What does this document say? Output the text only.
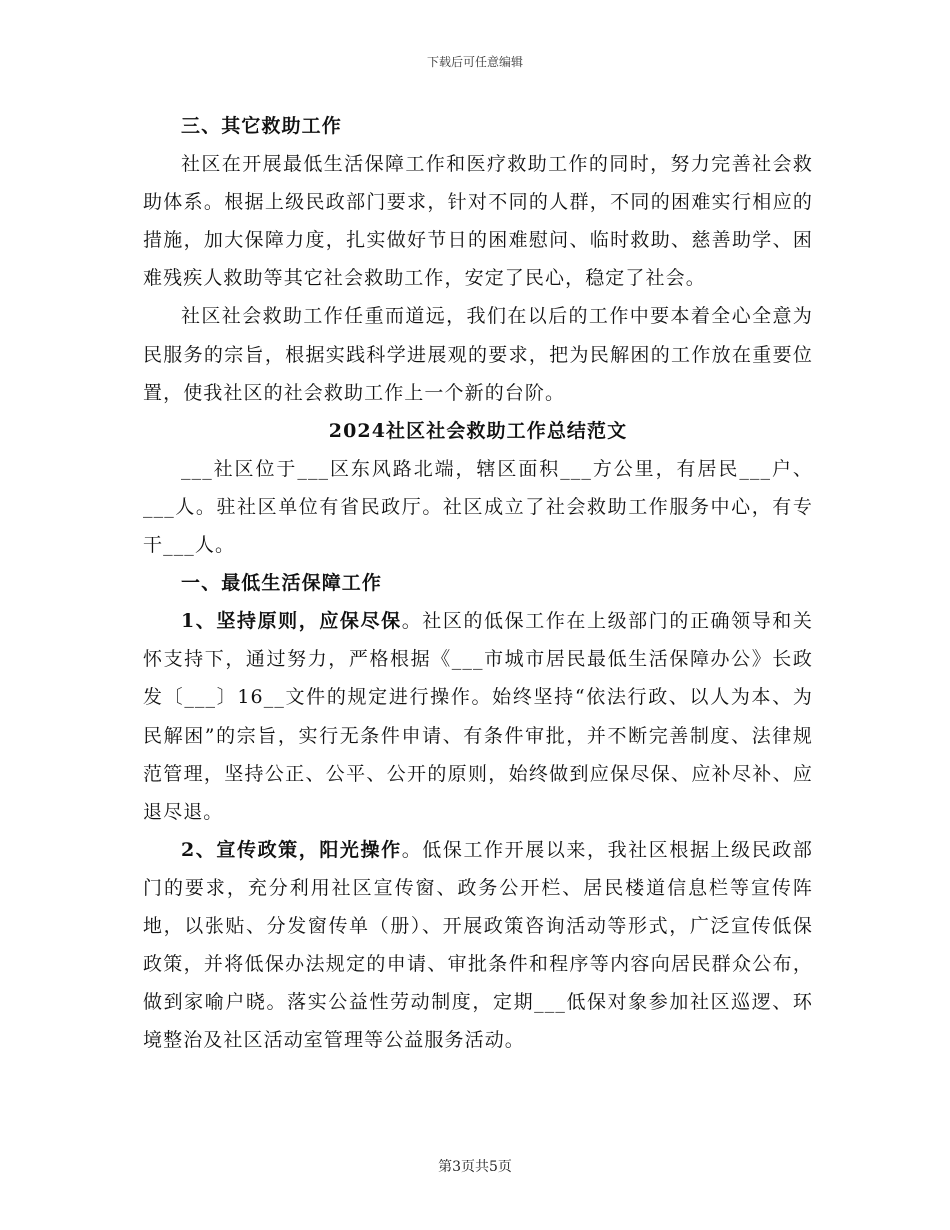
下载后可任意编辑

三、其它救助工作

社区在开展最低生活保障工作和医疗救助工作的同时，努力完善社会救助体系。根据上级民政部门要求，针对不同的人群，不同的困难实行相应的措施，加大保障力度，扎实做好节日的困难慰问、临时救助、慈善助学、困难残疾人救助等其它社会救助工作，安定了民心，稳定了社会。

社区社会救助工作任重而道远，我们在以后的工作中要本着全心全意为民服务的宗旨，根据实践科学进展观的要求，把为民解困的工作放在重要位置，使我社区的社会救助工作上一个新的台阶。

2024社区社会救助工作总结范文

___社区位于___区东风路北端，辖区面积___方公里，有居民___户、___人。驻社区单位有省民政厅。社区成立了社会救助工作服务中心，有专干___人。

一、最低生活保障工作

1、坚持原则，应保尽保。社区的低保工作在上级部门的正确领导和关怀支持下，通过努力，严格根据《___市城市居民最低生活保障办公》长政发〔___〕16__文件的规定进行操作。始终坚持“依法行政、以人为本、为民解困”的宗旨，实行无条件申请、有条件审批，并不断完善制度、法律规范管理，坚持公正、公平、公开的原则，始终做到应保尽保、应补尽补、应退尽退。

2、宣传政策，阳光操作。低保工作开展以来，我社区根据上级民政部门的要求，充分利用社区宣传窗、政务公开栏、居民楼道信息栏等宣传阵地，以张贴、分发窗传单（册）、开展政策咨询活动等形式，广泛宣传低保政策，并将低保办法规定的申请、审批条件和程序等内容向居民群众公布，做到家喻户晓。落实公益性劳动制度，定期___低保对象参加社区巡逻、环境整治及社区活动室管理等公益服务活动。

第3页共5页
